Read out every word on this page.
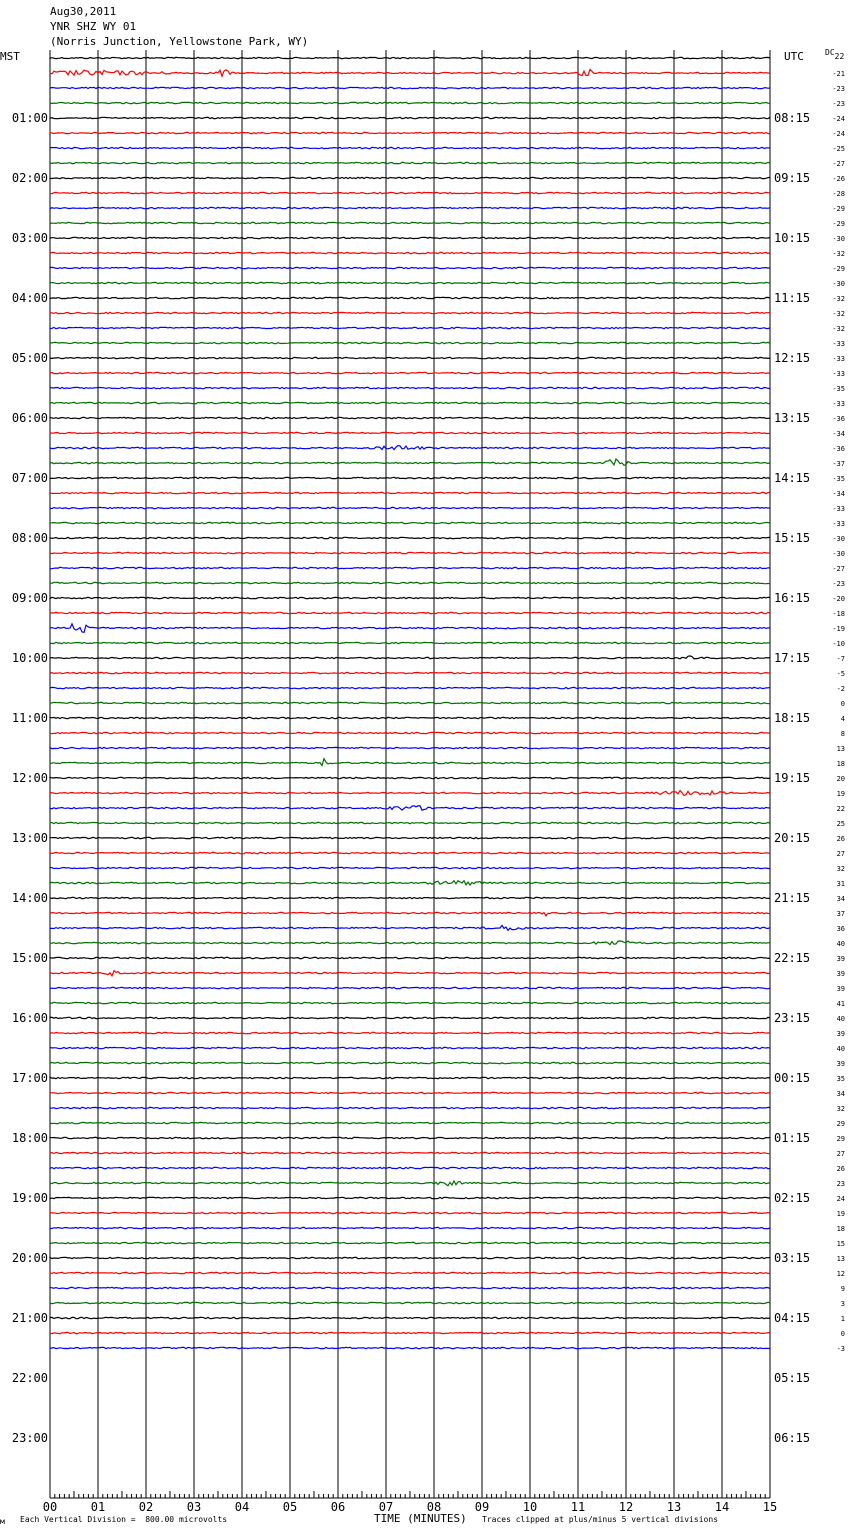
Aug30,2011
YNR SHZ WY 01
(Norris Junction, Yellowstone Park, WY)
MST	UTC	DC22
-21
-23
-23
-24
-24
-25
-27
-26
-28
-29
-29
-30
-32
-29
-30
-32
-32
-32
-33
-33
-33
-35
-33
-36
-34
-36
-37
-35
-34
-33
-33
-30
-30
-27
-23
-20
-18
-19
-10
-7
-5
-2
0
4
8
13
18
20
19
22
25
26
27
32
31
34
37
36
40
39
39
39
41
40
39
40
39
35
34
32
29
29
27
26
23
24
19
18
15
13
12
9
3
1
0
-3
01:00
02:00
03:00
04:00
05:00
06:00
07:00
08:00
09:00
10:00
11:00
12:00
13:00
14:00
15:00
16:00
17:00
18:00
19:00
20:00
21:00
22:00
23:00
08:15
09:15
10:15
11:15
12:15
13:15
14:15
15:15
16:15
17:15
18:15
19:15
20:15
21:15
22:15
23:15
00:15
01:15
02:15
03:15
04:15
05:15
06:15
00	01	02	03	04	05	06	07	08	09	10	11	12	13	14	15
м Each Vertical Division =  800.00 microvolts	TIME (MINUTES) Traces clipped at plus/minus 5 vertical divisions
